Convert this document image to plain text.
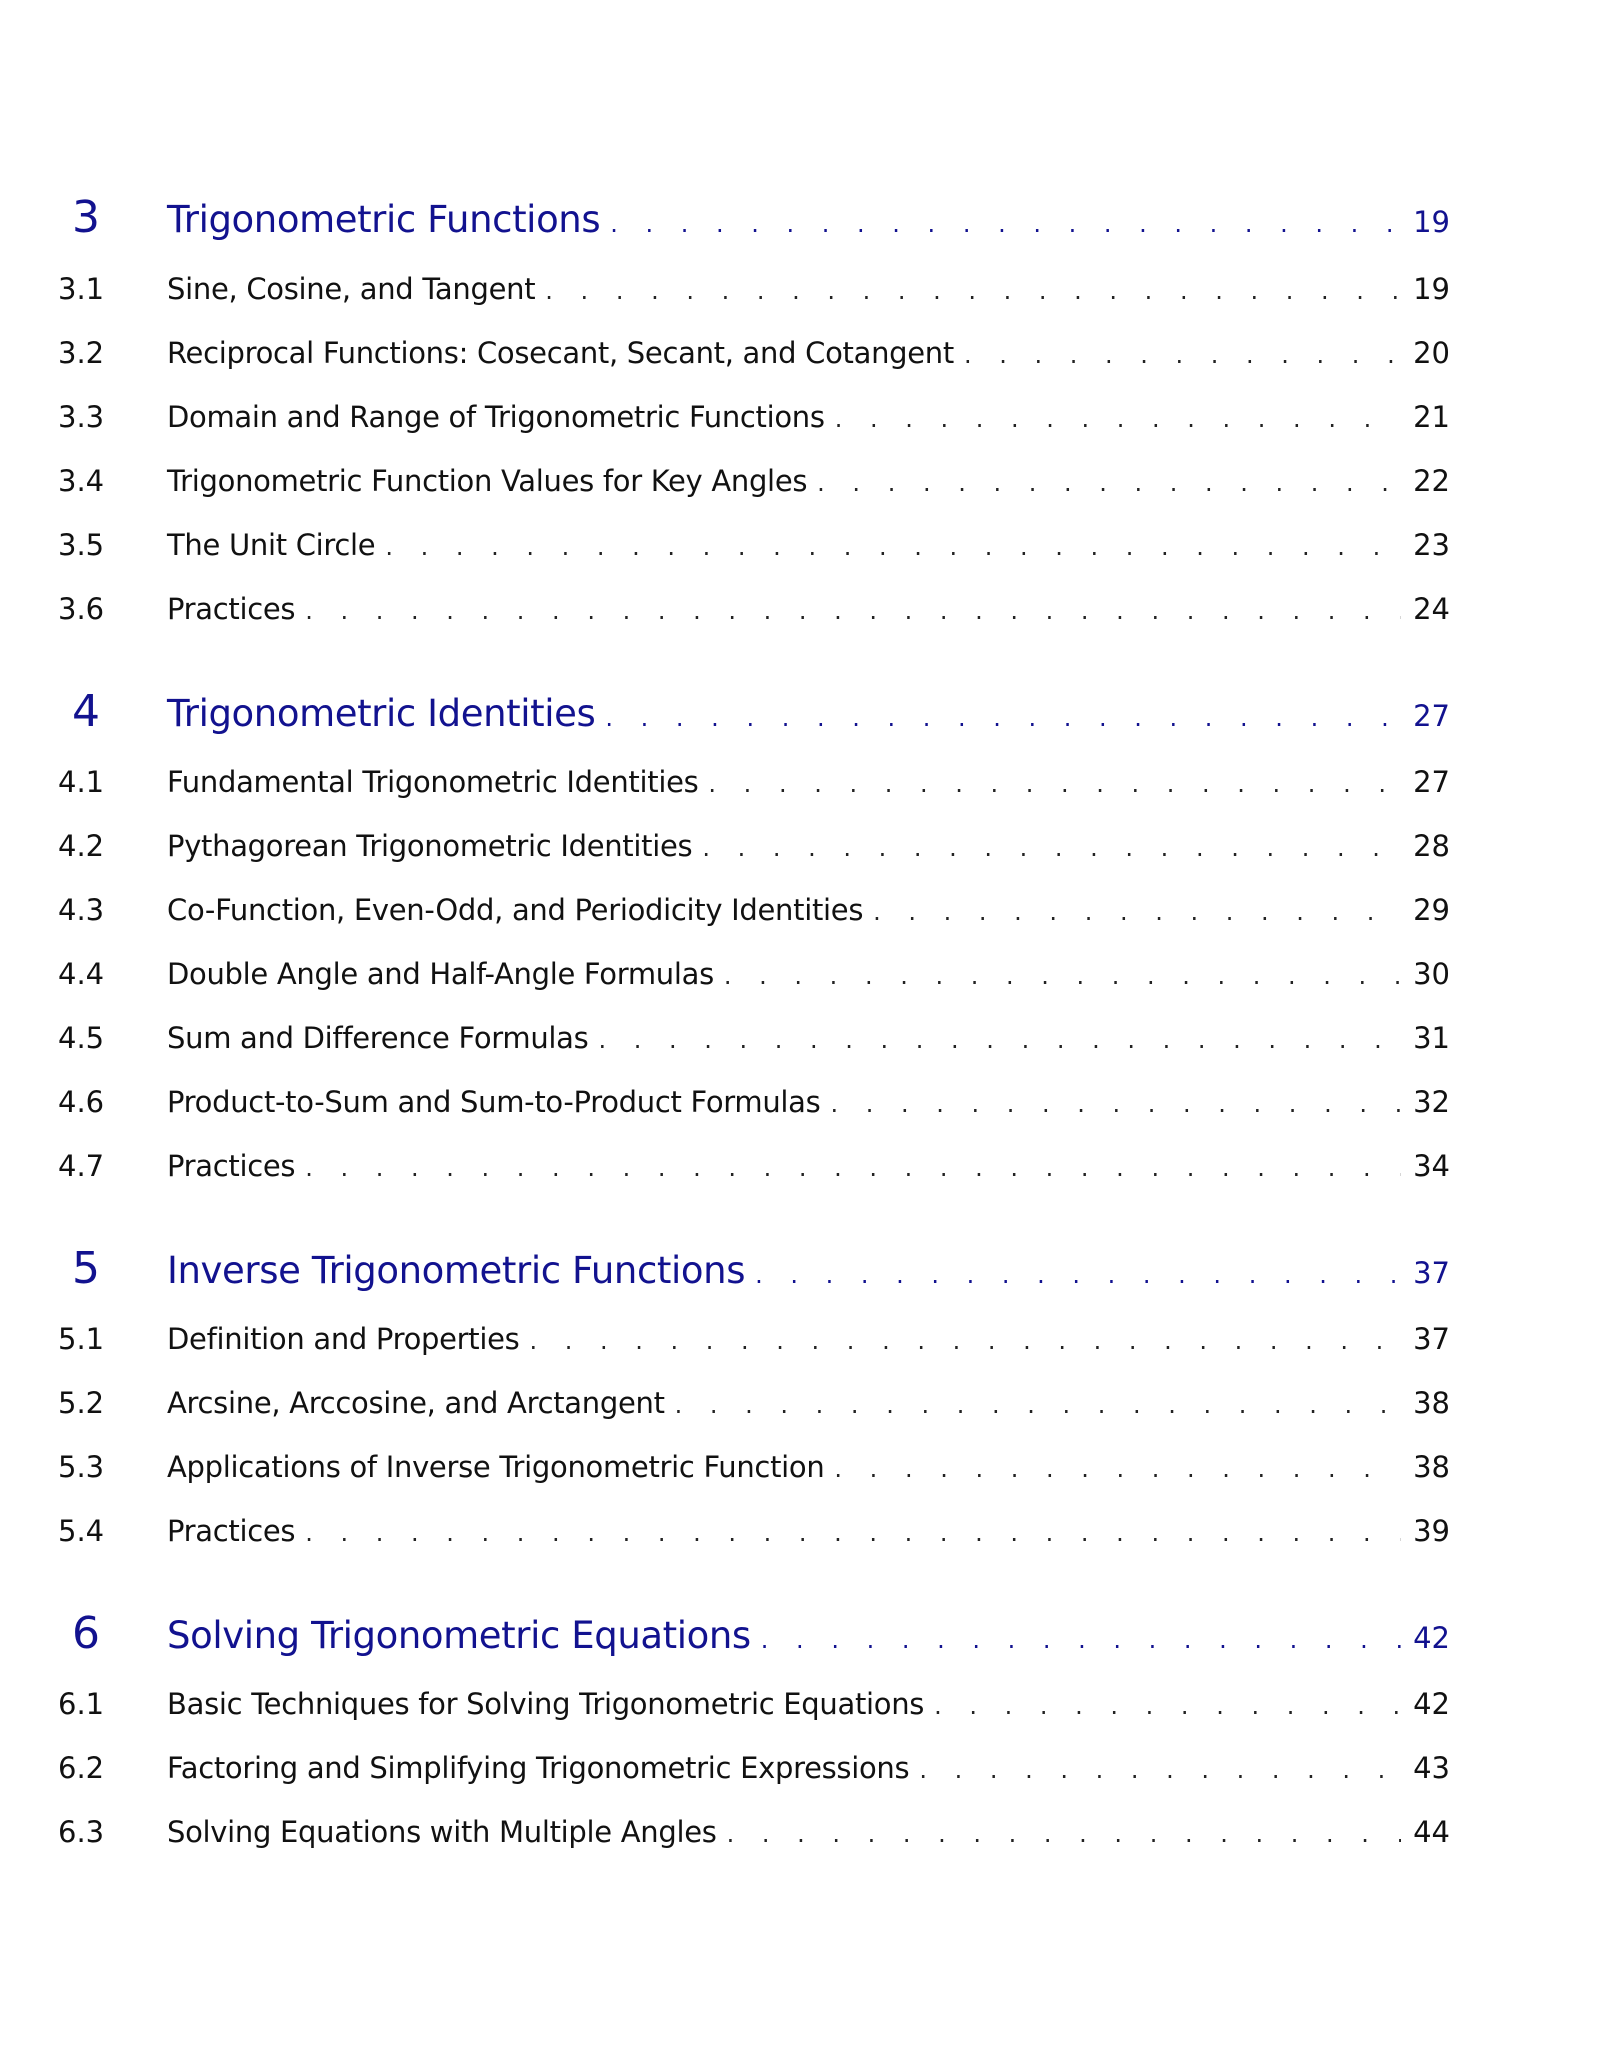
3	Trigonometric Functions . . .	19
3.1	Sine, Cosine, and Tangent . . .	19
3.2	Reciprocal Functions: Cosecant, Secant, and Cotangent . . .	20
3.3	Domain and Range of Trigonometric Functions . . .	21
3.4	Trigonometric Function Values for Key Angles . . .	22
3.5	The Unit Circle . . .	23
3.6	Practices . . .	24
4	Trigonometric Identities . . .	27
4.1	Fundamental Trigonometric Identities . . .	27
4.2	Pythagorean Trigonometric Identities . . .	28
4.3	Co-Function, Even-Odd, and Periodicity Identities . . .	29
4.4	Double Angle and Half-Angle Formulas . . .	30
4.5	Sum and Difference Formulas . . .	31
4.6	Product-to-Sum and Sum-to-Product Formulas . . .	32
4.7	Practices . . .	34
5	Inverse Trigonometric Functions . . .	37
5.1	Definition and Properties . . .	37
5.2	Arcsine, Arccosine, and Arctangent . . .	38
5.3	Applications of Inverse Trigonometric Function . . .	38
5.4	Practices . . .	39
6	Solving Trigonometric Equations . . .	42
6.1	Basic Techniques for Solving Trigonometric Equations . . .	42
6.2	Factoring and Simplifying Trigonometric Expressions . . .	43
6.3	Solving Equations with Multiple Angles . . .	44
